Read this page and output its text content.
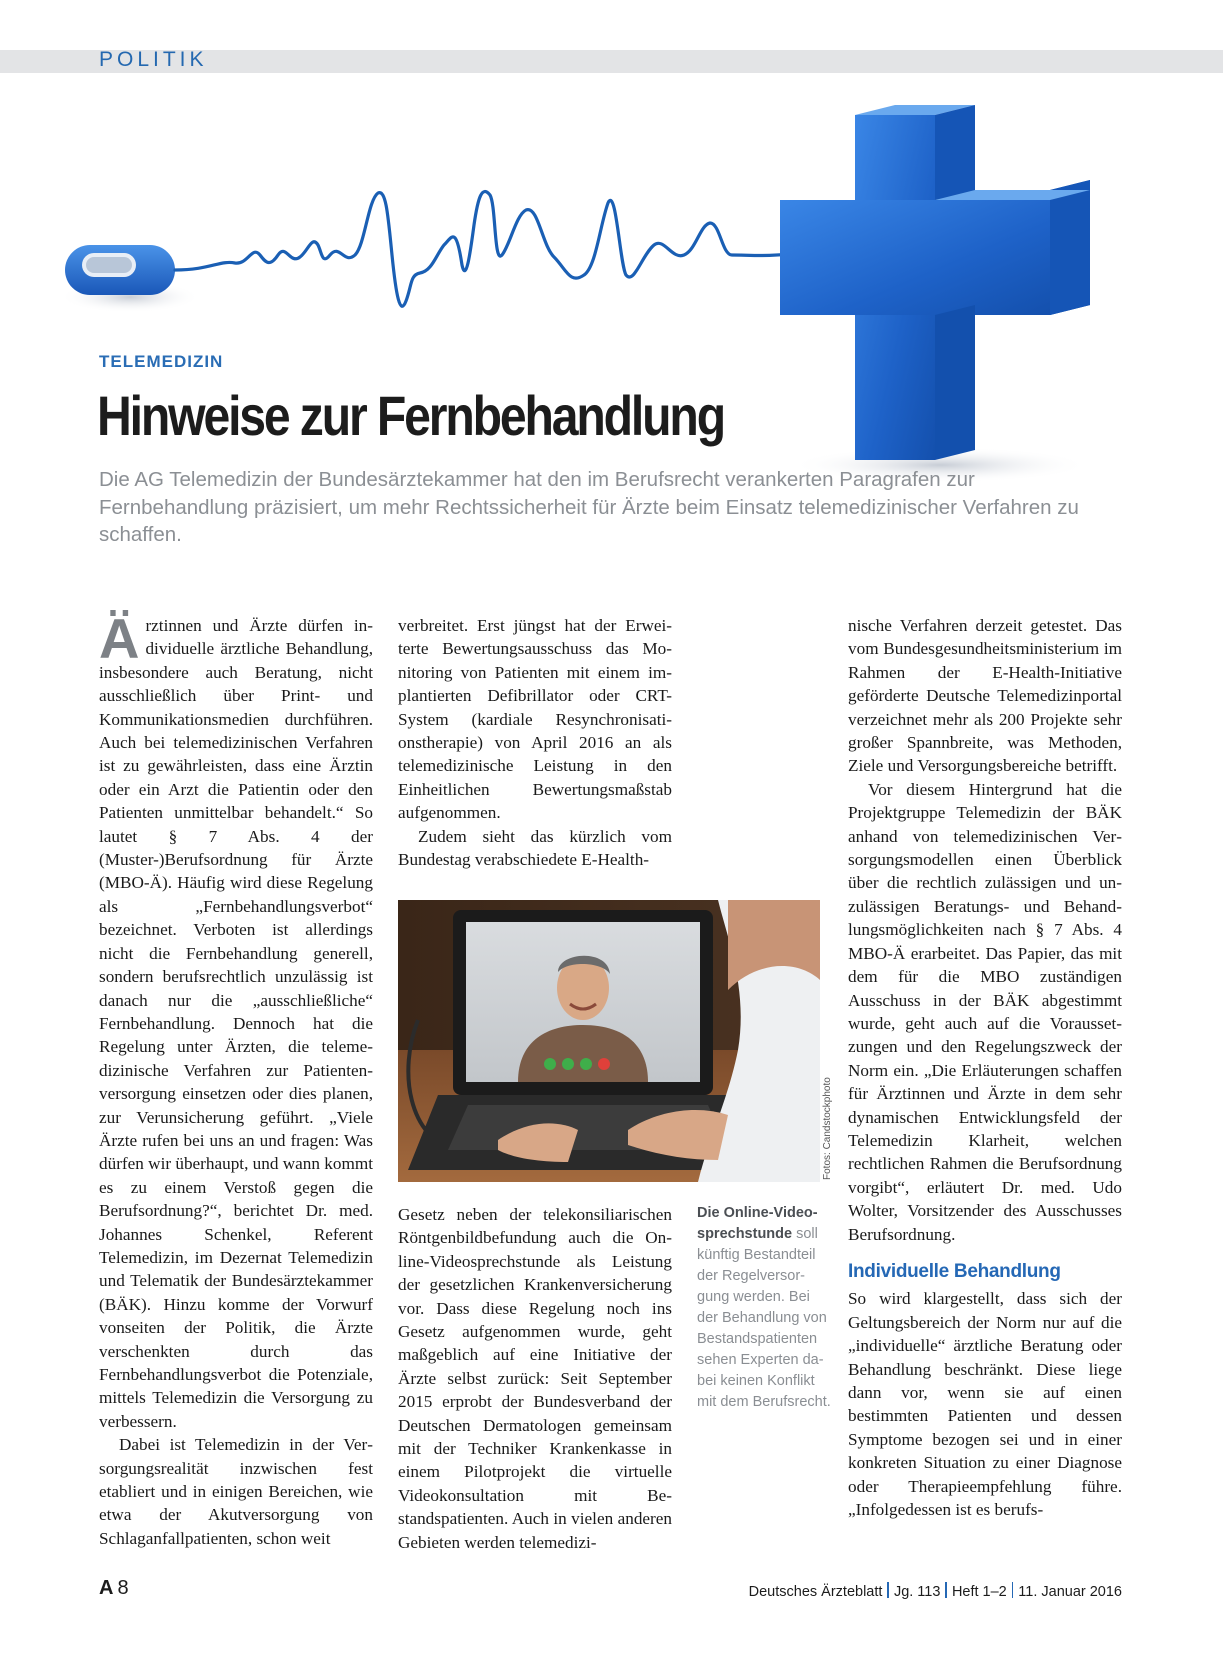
POLITIK
TELEMEDIZIN
Hinweise zur Fernbehandlung

Die AG Telemedizin der Bundesärztekammer hat den im Berufsrecht verankerten Paragrafen zur Fernbehandlung präzisiert, um mehr Rechtssicherheit für Ärzte beim Einsatz telemedizinischer Verfahren zu schaffen.

Ärztinnen und Ärzte dürfen individuelle ärztliche Behandlung, insbesondere auch Beratung, nicht ausschließlich über Print- und Kommunikationsmedien durchführen. Auch bei telemedizinischen Verfahren ist zu gewährleisten, dass eine Ärztin oder ein Arzt die Patientin oder den Patienten unmittelbar behandelt.“ So lautet § 7 Abs. 4 der (Muster-)Berufsordnung für Ärzte (MBO-Ä). Häufig wird diese Regelung als „Fernbehandlungsverbot“ bezeichnet. Verboten ist allerdings nicht die Fernbehandlung generell, sondern berufsrechtlich unzulässig ist danach nur die „ausschließliche“ Fernbehandlung. Dennoch hat die Regelung unter Ärzten, die telemedizinische Verfahren zur Patientenversorgung einsetzen oder dies planen, zur Verunsicherung geführt. „Viele Ärzte rufen bei uns an und fragen: Was dürfen wir überhaupt, und wann kommt es zu einem Verstoß gegen die Berufsordnung?“, berichtet Dr. med. Johannes Schenkel, Referent Telemedizin, im Dezernat Telemedizin und Telematik der Bundesärztekammer (BÄK). Hinzu komme der Vorwurf vonseiten der Politik, die Ärzte verschenkten durch das Fernbehandlungsverbot die Potenziale, mittels Telemedizin die Versorgung zu verbessern.

Dabei ist Telemedizin in der Versorgungsrealität inzwischen fest etabliert und in einigen Bereichen, wie etwa der Akutversorgung von Schlaganfallpatienten, schon weit

verbreitet. Erst jüngst hat der Erweiterte Bewertungsausschuss das Monitoring von Patienten mit einem implantierten Defibrillator oder CRT-System (kardiale Resynchronisationstherapie) von April 2016 an als telemedizinische Leistung in den Einheitlichen Bewertungsmaßstab aufgenommen.

Zudem sieht das kürzlich vom Bundestag verabschiedete E-Health-

Fotos: Candstockphoto

Gesetz neben der telekonsiliarischen Röntgenbildbefundung auch die Online-Videosprechstunde als Leistung der gesetzlichen Krankenversicherung vor. Dass diese Regelung noch ins Gesetz aufgenommen wurde, geht maßgeblich auf eine Initiative der Ärzte selbst zurück: Seit September 2015 erprobt der Bundesverband der Deutschen Dermatologen gemeinsam mit der Techniker Krankenkasse in einem Pilotprojekt die virtuelle Videokonsultation mit Bestandspatienten. Auch in vielen anderen Gebieten werden telemedizi-

Die Online-Videosprechstunde soll künftig Bestandteil der Regelversorgung werden. Bei der Behandlung von Bestandspatienten sehen Experten dabei keinen Konflikt mit dem Berufsrecht.

nische Verfahren derzeit getestet. Das vom Bundesgesundheitsministerium im Rahmen der E-Health-Initiative geförderte Deutsche Telemedizinportal verzeichnet mehr als 200 Projekte sehr großer Spannbreite, was Methoden, Ziele und Versorgungsbereiche betrifft.

Vor diesem Hintergrund hat die Projektgruppe Telemedizin der BÄK anhand von telemedizinischen Versorgungsmodellen einen Überblick über die rechtlich zulässigen und unzulässigen Beratungs- und Behandlungsmöglichkeiten nach § 7 Abs. 4 MBO-Ä erarbeitet. Das Papier, das mit dem für die MBO zuständigen Ausschuss in der BÄK abgestimmt wurde, geht auch auf die Voraussetzungen und den Regelungszweck der Norm ein. „Die Erläuterungen schaffen für Ärztinnen und Ärzte in dem sehr dynamischen Entwicklungsfeld der Telemedizin Klarheit, welchen rechtlichen Rahmen die Berufsordnung vorgibt“, erläutert Dr. med. Udo Wolter, Vorsitzender des Ausschusses Berufsordnung.

Individuelle Behandlung

So wird klargestellt, dass sich der Geltungsbereich der Norm nur auf die „individuelle“ ärztliche Beratung oder Behandlung beschränkt. Diese liege dann vor, wenn sie auf einen bestimmten Patienten und dessen Symptome bezogen sei und in einer konkreten Situation zu einer Diagnose oder Therapieempfehlung führe. „Infolgedessen ist es berufs-

A 8	Deutsches Ärzteblatt Jg. 113 Heft 1–2 11. Januar 2016
